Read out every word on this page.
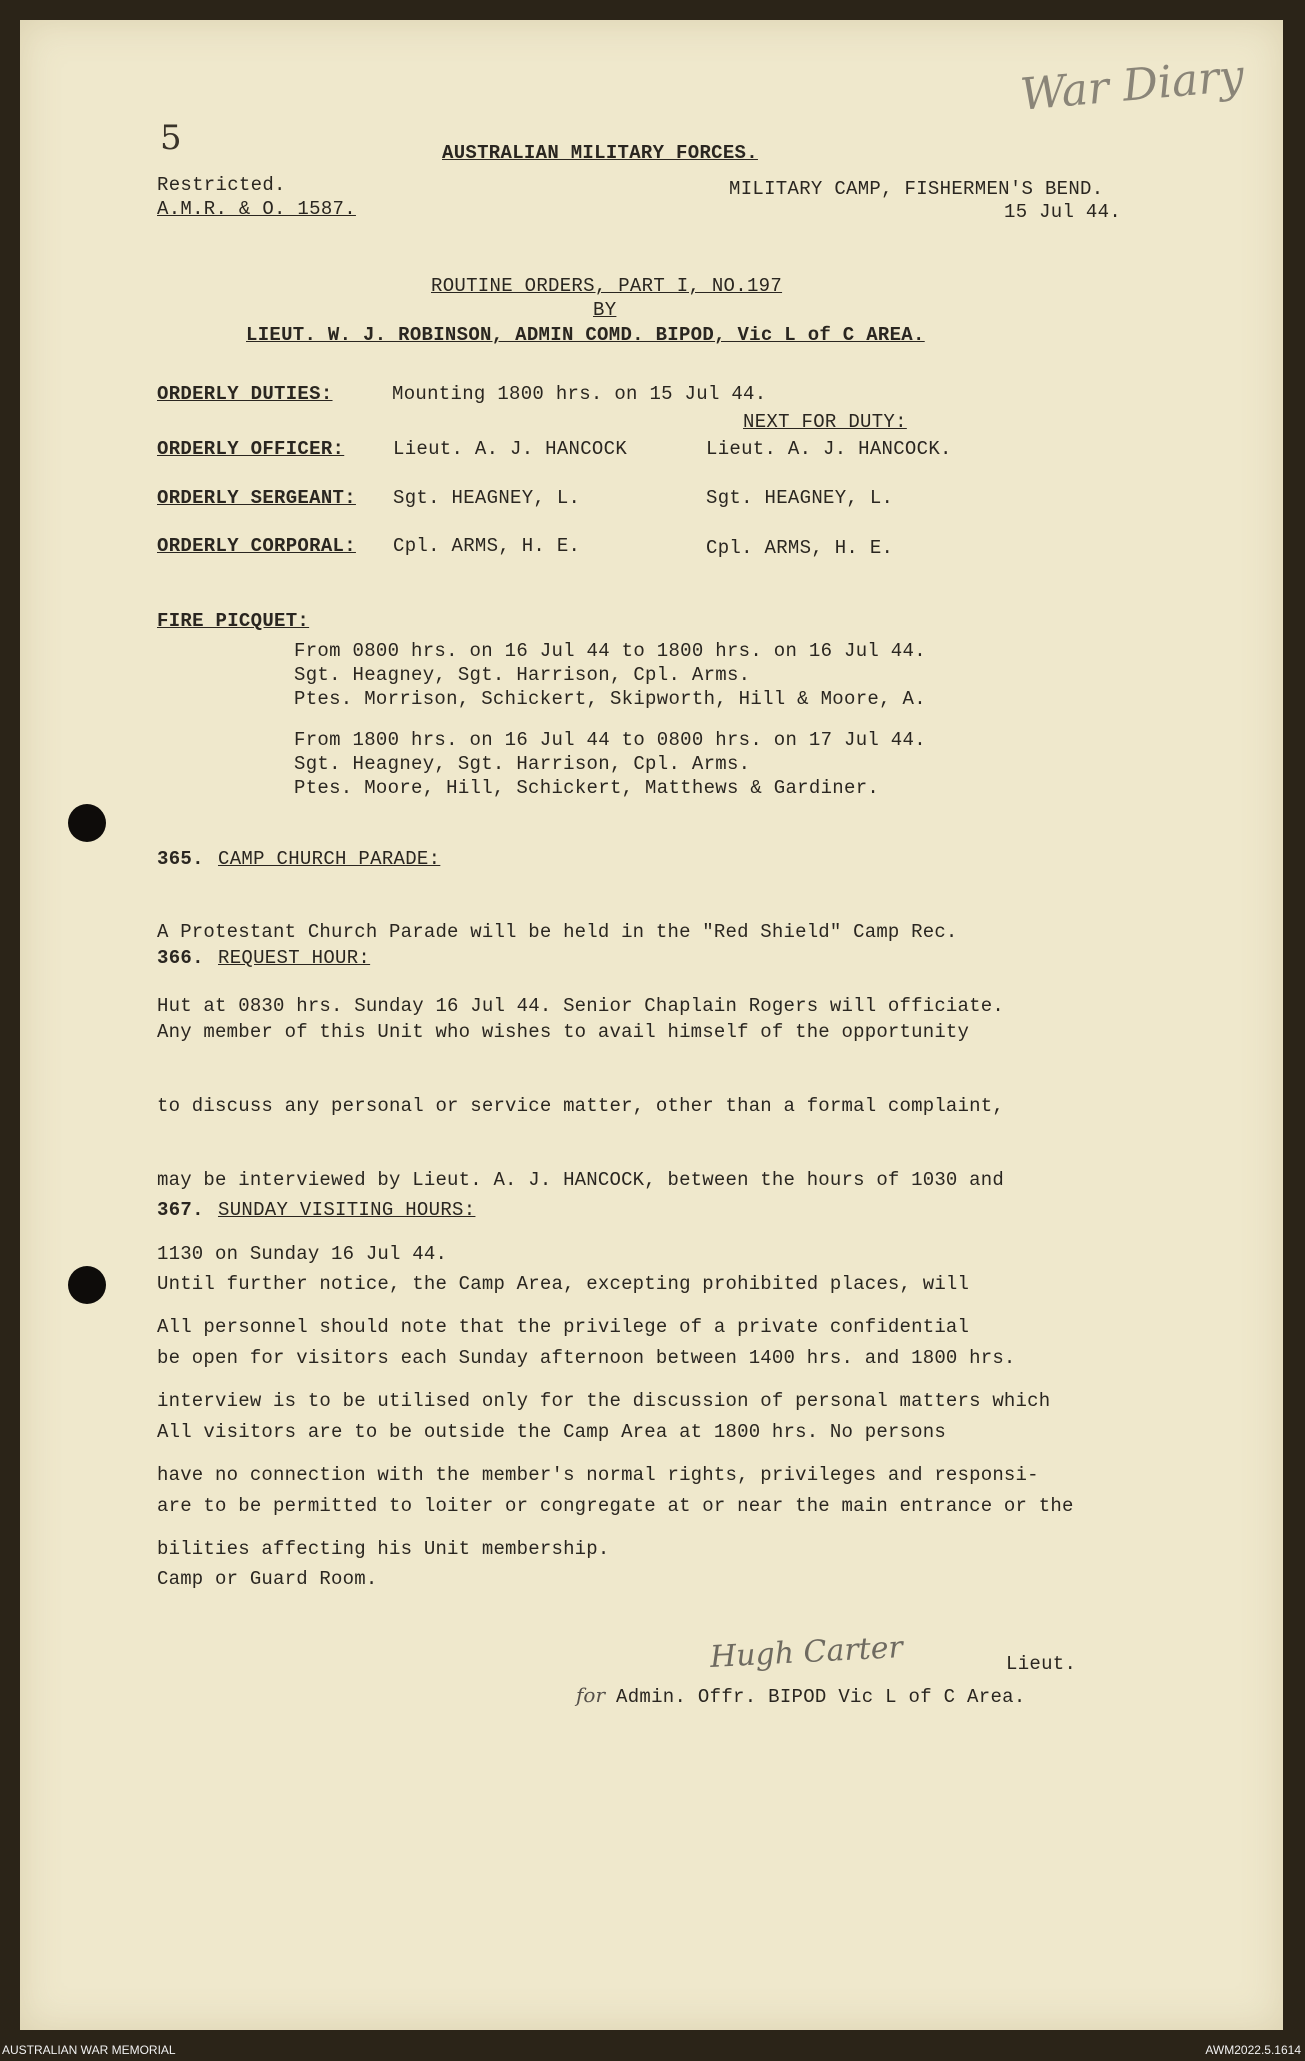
5
War Diary
AUSTRALIAN MILITARY FORCES.
Restricted.
A.M.R. & O. 1587.
MILITARY CAMP, FISHERMEN'S BEND.
15 Jul 44.
ROUTINE ORDERS, PART I, NO.197
BY
LIEUT. W. J. ROBINSON, ADMIN COMD. BIPOD, Vic L of C AREA.
ORDERLY DUTIES:	Mounting 1800 hrs. on 15 Jul 44.
NEXT FOR DUTY:
ORDERLY OFFICER:	Lieut. A. J. HANCOCK	Lieut. A. J. HANCOCK.
ORDERLY SERGEANT: Sgt. HEAGNEY, L.	Sgt. HEAGNEY, L.
ORDERLY CORPORAL: Cpl. ARMS, H. E.	Cpl. ARMS, H. E.
FIRE PICQUET:
From 0800 hrs. on 16 Jul 44 to 1800 hrs. on 16 Jul 44.
Sgt. Heagney, Sgt. Harrison, Cpl. Arms.
Ptes. Morrison, Schickert, Skipworth, Hill & Moore, A.
From 1800 hrs. on 16 Jul 44 to 0800 hrs. on 17 Jul 44.
Sgt. Heagney, Sgt. Harrison, Cpl. Arms.
Ptes. Moore, Hill, Schickert, Matthews & Gardiner.
365. CAMP CHURCH PARADE:

A Protestant Church Parade will be held in the "Red Shield" Camp Rec.

Hut at 0830 hrs. Sunday 16 Jul 44. Senior Chaplain Rogers will officiate.

366. REQUEST HOUR:

Any member of this Unit who wishes to avail himself of the opportunity

to discuss any personal or service matter, other than a formal complaint,

may be interviewed by Lieut. A. J. HANCOCK, between the hours of 1030 and

1130 on Sunday 16 Jul 44.

All personnel should note that the privilege of a private confidential

interview is to be utilised only for the discussion of personal matters which

have no connection with the member's normal rights, privileges and responsi-

bilities affecting his Unit membership.

367. SUNDAY VISITING HOURS:

Until further notice, the Camp Area, excepting prohibited places, will

be open for visitors each Sunday afternoon between 1400 hrs. and 1800 hrs.

All visitors are to be outside the Camp Area at 1800 hrs. No persons

are to be permitted to loiter or congregate at or near the main entrance or the

Camp or Guard Room.

Hugh Carter	Lieut.
for Admin. Offr. BIPOD Vic L of C Area.
AUSTRALIAN WAR MEMORIAL	AWM2022.5.1614
